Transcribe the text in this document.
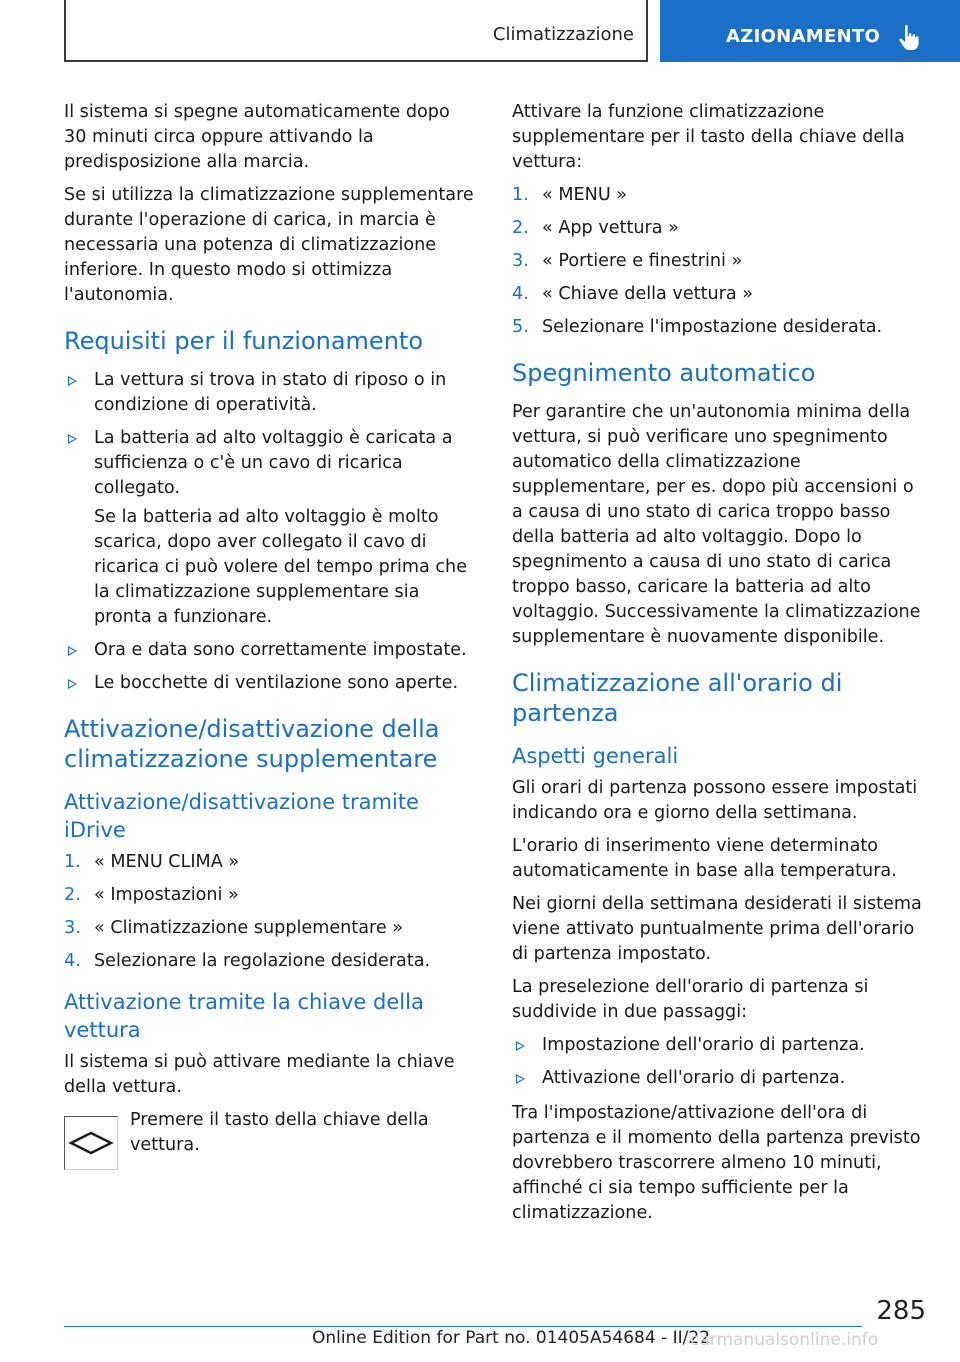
Climatizzazione	AZIONAMENTO

Il sistema si spegne automaticamente dopo 30 minuti circa oppure attivando la predisposizione alla marcia.

Se si utilizza la climatizzazione supplementare durante l'operazione di carica, in marcia è necessaria una potenza di climatizzazione inferiore. In questo modo si ottimizza l'autonomia.

Requisiti per il funzionamento
La vettura si trova in stato di riposo o in condizione di operatività.
La batteria ad alto voltaggio è caricata a sufficienza o c'è un cavo di ricarica collegato.

Se la batteria ad alto voltaggio è molto scarica, dopo aver collegato il cavo di ricarica ci può volere del tempo prima che la climatizzazione supplementare sia pronta a funzionare.

Ora e data sono correttamente impostate.
Le bocchette di ventilazione sono aperte.
Attivazione/disattivazione della climatizzazione supplementare
Attivazione/disattivazione tramite iDrive
1. « MENU CLIMA »
2. « Impostazioni »
3. « Climatizzazione supplementare »
4. Selezionare la regolazione desiderata.
Attivazione tramite la chiave della vettura

Il sistema si può attivare mediante la chiave della vettura.

Premere il tasto della chiave della vettura.

Attivare la funzione climatizzazione supplementare per il tasto della chiave della vettura:

1. « MENU »
2. « App vettura »
3. « Portiere e finestrini »
4. « Chiave della vettura »
5. Selezionare l'impostazione desiderata.
Spegnimento automatico

Per garantire che un'autonomia minima della vettura, si può verificare uno spegnimento automatico della climatizzazione supplementare, per es. dopo più accensioni o a causa di uno stato di carica troppo basso della batteria ad alto voltaggio. Dopo lo spegnimento a causa di uno stato di carica troppo basso, caricare la batteria ad alto voltaggio. Successivamente la climatizzazione supplementare è nuovamente disponibile.

Climatizzazione all'orario di partenza
Aspetti generali

Gli orari di partenza possono essere impostati indicando ora e giorno della settimana.

L'orario di inserimento viene determinato automaticamente in base alla temperatura.

Nei giorni della settimana desiderati il sistema viene attivato puntualmente prima dell'orario di partenza impostato.

La preselezione dell'orario di partenza si suddivide in due passaggi:

Impostazione dell'orario di partenza.
Attivazione dell'orario di partenza.

Tra l'impostazione/attivazione dell'ora di partenza e il momento della partenza previsto dovrebbero trascorrere almeno 10 minuti, affinché ci sia tempo sufficiente per la climatizzazione.

285
Online Edition for Part no. 01405A54684 - II/22
carmanualsonline.info
